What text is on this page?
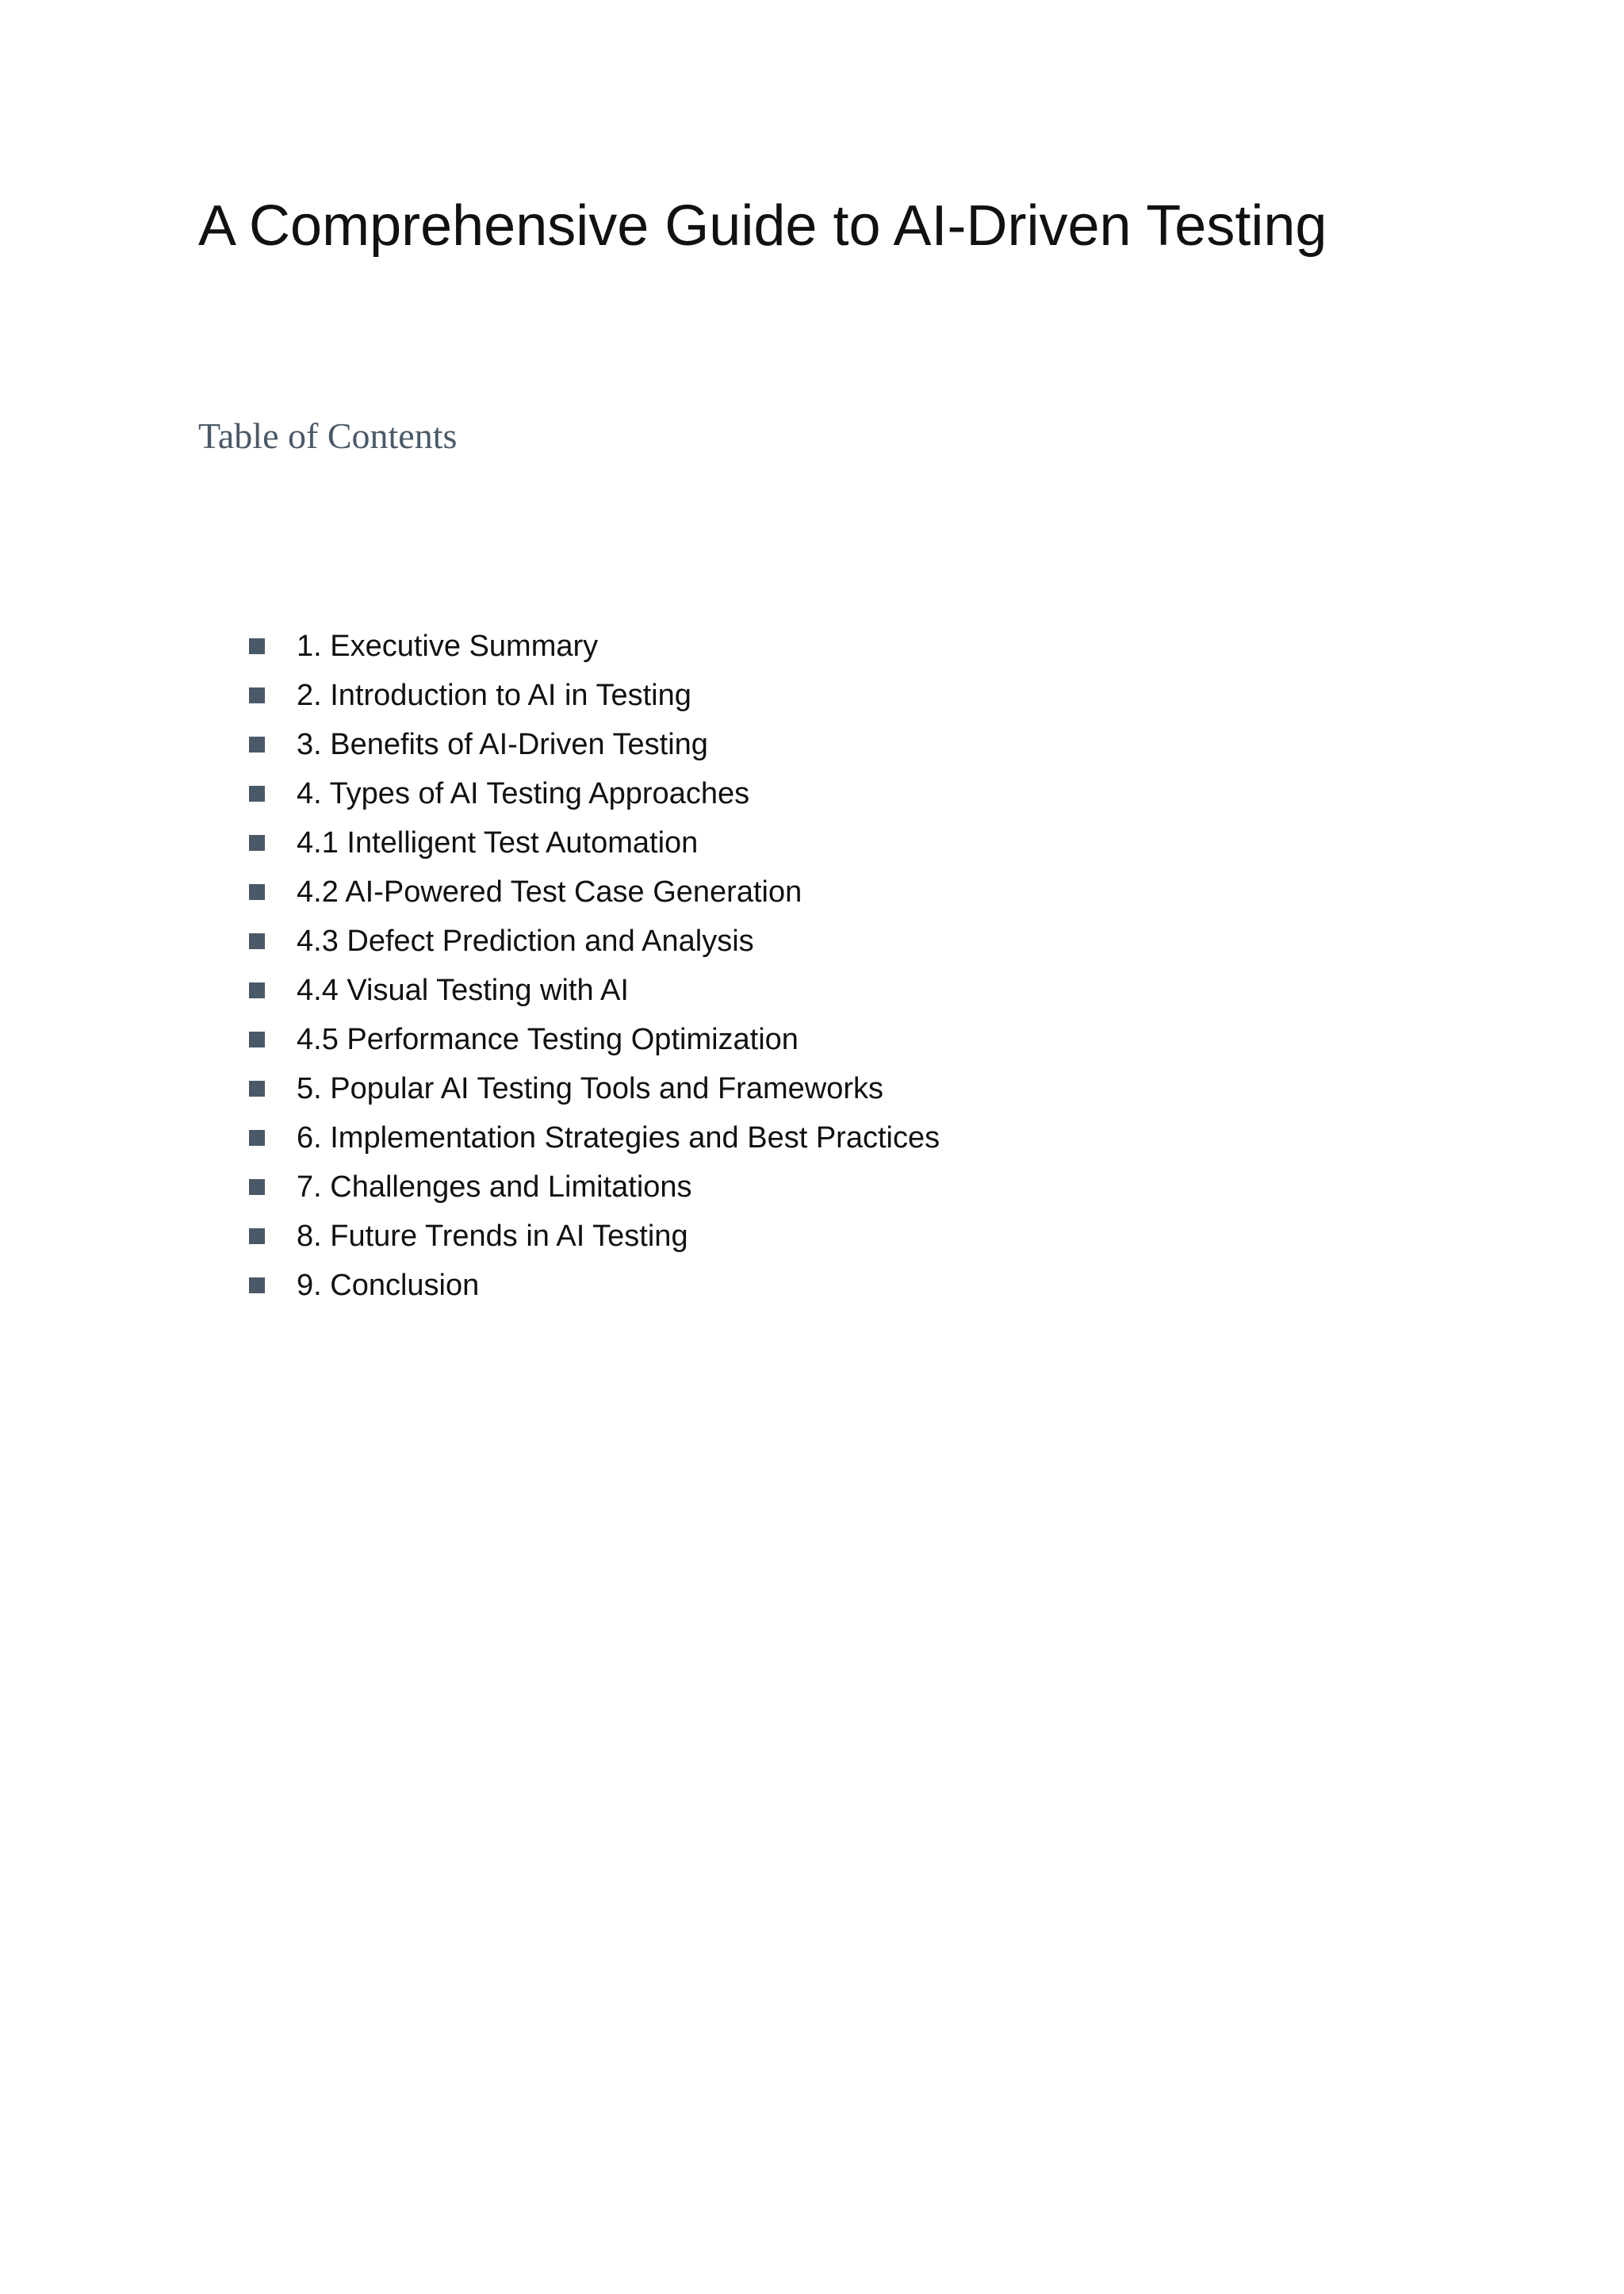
A Comprehensive Guide to AI-Driven Testing
Table of Contents
1. Executive Summary
2. Introduction to AI in Testing
3. Benefits of AI-Driven Testing
4. Types of AI Testing Approaches
4.1 Intelligent Test Automation
4.2 AI-Powered Test Case Generation
4.3 Defect Prediction and Analysis
4.4 Visual Testing with AI
4.5 Performance Testing Optimization
5. Popular AI Testing Tools and Frameworks
6. Implementation Strategies and Best Practices
7. Challenges and Limitations
8. Future Trends in AI Testing
9. Conclusion
